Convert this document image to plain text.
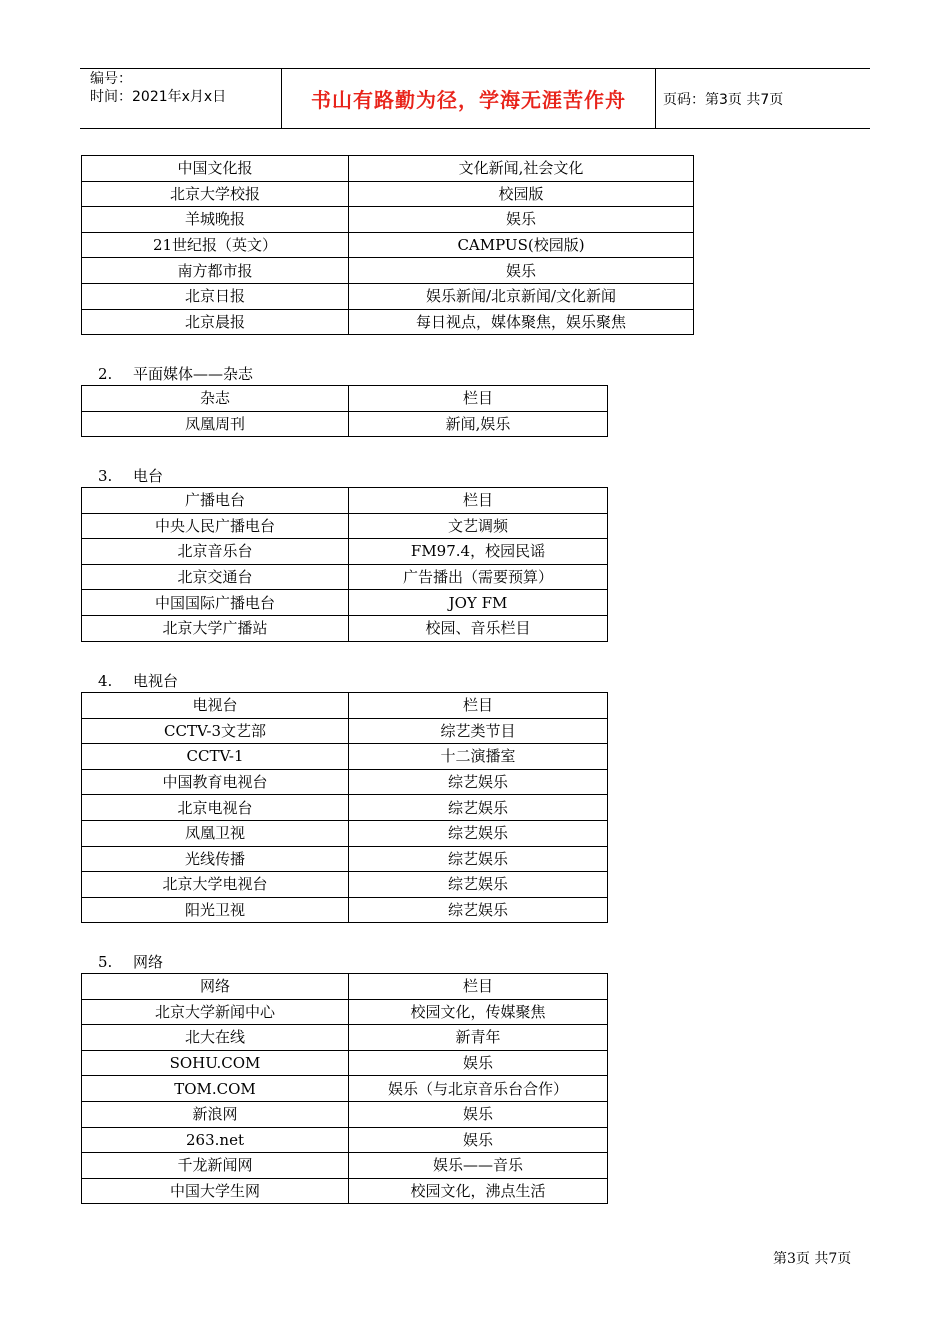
编号：
时间：2021年x月x日	书山有路勤为径，学海无涯苦作舟	页码：第3页 共7页
中国文化报	文化新闻,社会文化
北京大学校报	校园版
羊城晚报	娱乐
21世纪报（英文）	CAMPUS(校园版)
南方都市报	娱乐
北京日报	娱乐新闻/北京新闻/文化新闻
北京晨报	每日视点，媒体聚焦，娱乐聚焦
2. 平面媒体——杂志
杂志	栏目
凤凰周刊	新闻,娱乐
3. 电台
广播电台	栏目
中央人民广播电台	文艺调频
北京音乐台	FM97.4，校园民谣
北京交通台	广告播出（需要预算）
中国国际广播电台	JOY FM
北京大学广播站	校园、音乐栏目
4. 电视台
电视台	栏目
CCTV-3文艺部	综艺类节目
CCTV-1	十二演播室
中国教育电视台	综艺娱乐
北京电视台	综艺娱乐
凤凰卫视	综艺娱乐
光线传播	综艺娱乐
北京大学电视台	综艺娱乐
阳光卫视	综艺娱乐
5. 网络
网络	栏目
北京大学新闻中心	校园文化，传媒聚焦
北大在线	新青年
SOHU.COM	娱乐
TOM.COM	娱乐（与北京音乐台合作）
新浪网	娱乐
263.net	娱乐
千龙新闻网	娱乐——音乐
中国大学生网	校园文化，沸点生活
第3页 共7页
